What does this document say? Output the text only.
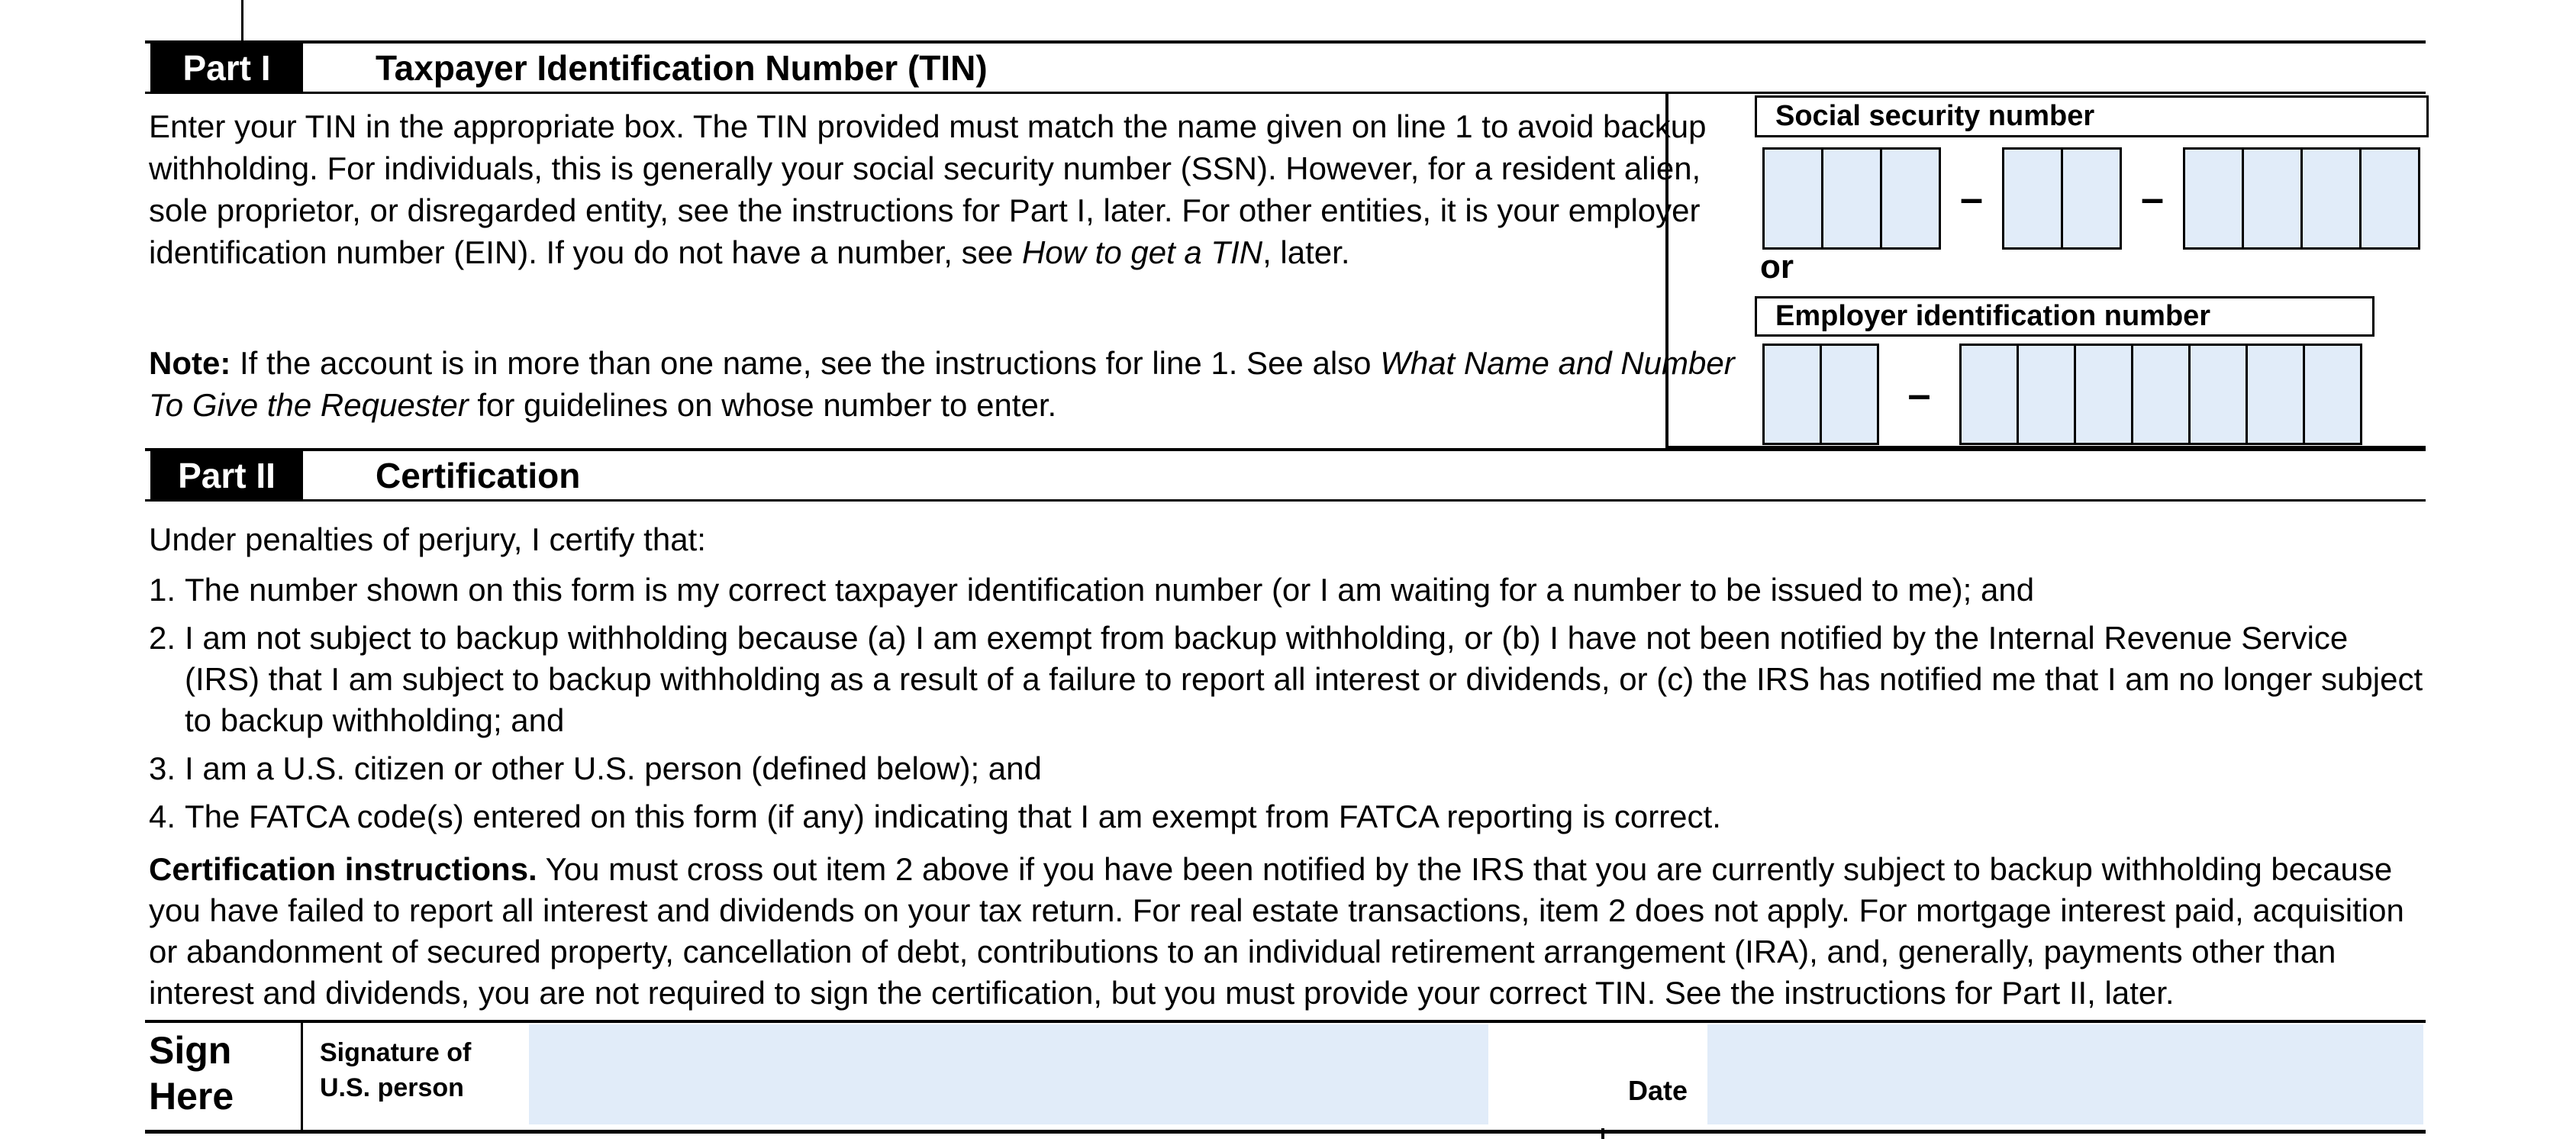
Part I	Taxpayer Identification Number (TIN)
Enter your TIN in the appropriate box. The TIN provided must match the name given on line 1 to avoid backup withholding. For individuals, this is generally your social security number (SSN). However, for a resident alien, sole proprietor, or disregarded entity, see the instructions for Part I, later. For other entities, it is your employer identification number (EIN). If you do not have a number, see How to get a TIN, later.
Note: If the account is in more than one name, see the instructions for line 1. See also What Name and Number To Give the Requester for guidelines on whose number to enter.
Social security number
–	–
or
Employer identification number
–
Part II	Certification
Under penalties of perjury, I certify that:
1. The number shown on this form is my correct taxpayer identification number (or I am waiting for a number to be issued to me); and
2. I am not subject to backup withholding because (a) I am exempt from backup withholding, or (b) I have not been notified by the Internal Revenue Service (IRS) that I am subject to backup withholding as a result of a failure to report all interest or dividends, or (c) the IRS has notified me that I am no longer subject to backup withholding; and
3. I am a U.S. citizen or other U.S. person (defined below); and
4. The FATCA code(s) entered on this form (if any) indicating that I am exempt from FATCA reporting is correct.
Certification instructions. You must cross out item 2 above if you have been notified by the IRS that you are currently subject to backup withholding because you have failed to report all interest and dividends on your tax return. For real estate transactions, item 2 does not apply. For mortgage interest paid, acquisition or abandonment of secured property, cancellation of debt, contributions to an individual retirement arrangement (IRA), and, generally, payments other than interest and dividends, you are not required to sign the certification, but you must provide your correct TIN. See the instructions for Part II, later.
Sign
Here
Signature of
U.S. person	Date
